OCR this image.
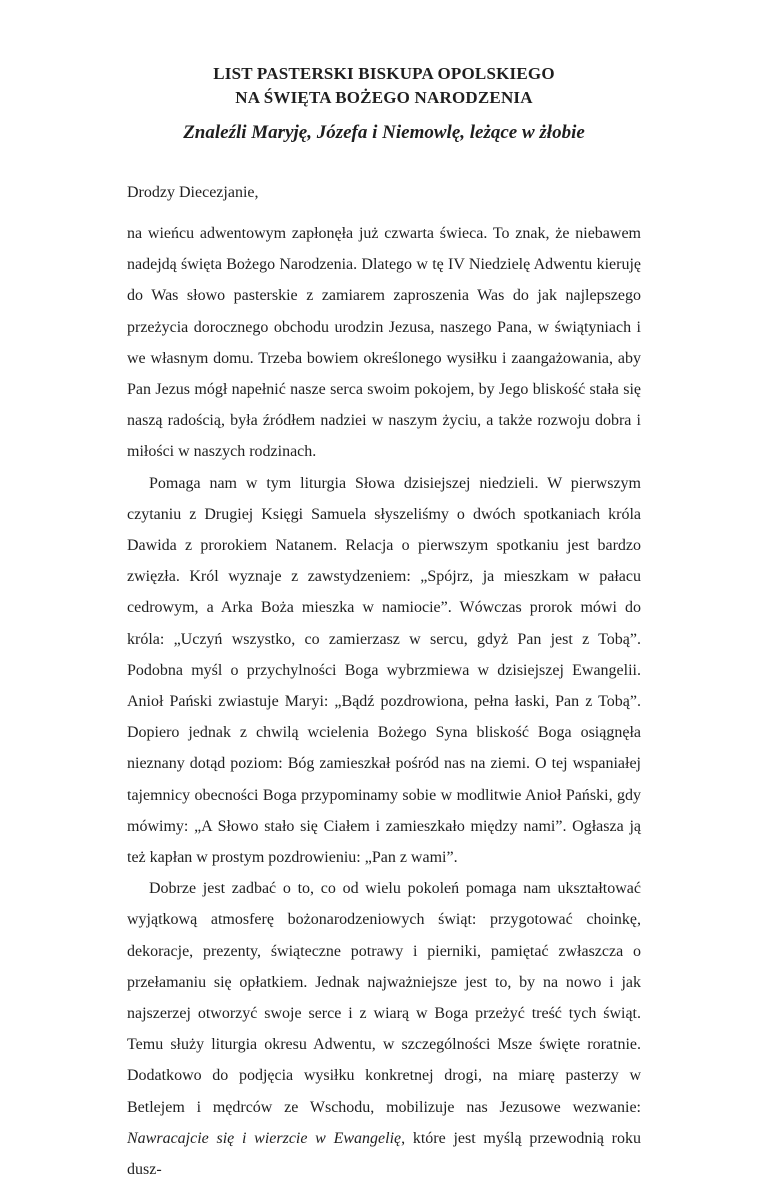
LIST PASTERSKI BISKUPA OPOLSKIEGO
NA ŚWIĘTA BOŻEGO NARODZENIA
Znaleźli Maryję, Józefa i Niemowlę, leżące w żłobie
Drodzy Diecezjanie,

na wieńcu adwentowym zapłonęła już czwarta świeca. To znak, że niebawem nadejdą święta Bożego Narodzenia. Dlatego w tę IV Niedzielę Adwentu kieruję do Was słowo pasterskie z zamiarem zaproszenia Was do jak najlepszego przeżycia dorocznego obchodu urodzin Jezusa, naszego Pana, w świątyniach i we własnym domu. Trzeba bowiem określonego wysiłku i zaangażowania, aby Pan Jezus mógł napełnić nasze serca swoim pokojem, by Jego bliskość stała się naszą radością, była źródłem nadziei w naszym życiu, a także rozwoju dobra i miłości w naszych rodzinach.

Pomaga nam w tym liturgia Słowa dzisiejszej niedzieli. W pierwszym czytaniu z Drugiej Księgi Samuela słyszeliśmy o dwóch spotkaniach króla Dawida z prorokiem Natanem. Relacja o pierwszym spotkaniu jest bardzo zwięzła. Król wyznaje z zawstydzeniem: „Spójrz, ja mieszkam w pałacu cedrowym, a Arka Boża mieszka w namiocie”. Wówczas prorok mówi do króla: „Uczyń wszystko, co zamierzasz w sercu, gdyż Pan jest z Tobą”. Podobna myśl o przychylności Boga wybrzmiewa w dzisiejszej Ewangelii. Anioł Pański zwiastuje Maryi: „Bądź pozdrowiona, pełna łaski, Pan z Tobą”. Dopiero jednak z chwilą wcielenia Bożego Syna bliskość Boga osiągnęła nieznany dotąd poziom: Bóg zamieszkał pośród nas na ziemi. O tej wspaniałej tajemnicy obecności Boga przypominamy sobie w modlitwie Anioł Pański, gdy mówimy: „A Słowo stało się Ciałem i zamieszkało między nami”. Ogłasza ją też kapłan w prostym pozdrowieniu: „Pan z wami”.

Dobrze jest zadbać o to, co od wielu pokoleń pomaga nam ukształtować wyjątkową atmosferę bożonarodzeniowych świąt: przygotować choinkę, dekoracje, prezenty, świąteczne potrawy i pierniki, pamiętać zwłaszcza o przełamaniu się opłatkiem. Jednak najważniejsze jest to, by na nowo i jak najszerzej otworzyć swoje serce i z wiarą w Boga przeżyć treść tych świąt. Temu służy liturgia okresu Adwentu, w szczególności Msze święte roratnie. Dodatkowo do podjęcia wysiłku konkretnej drogi, na miarę pasterzy w Betlejem i mędrców ze Wschodu, mobilizuje nas Jezusowe wezwanie: Nawracajcie się i wierzcie w Ewangelię, które jest myślą przewodnią roku dusz-
